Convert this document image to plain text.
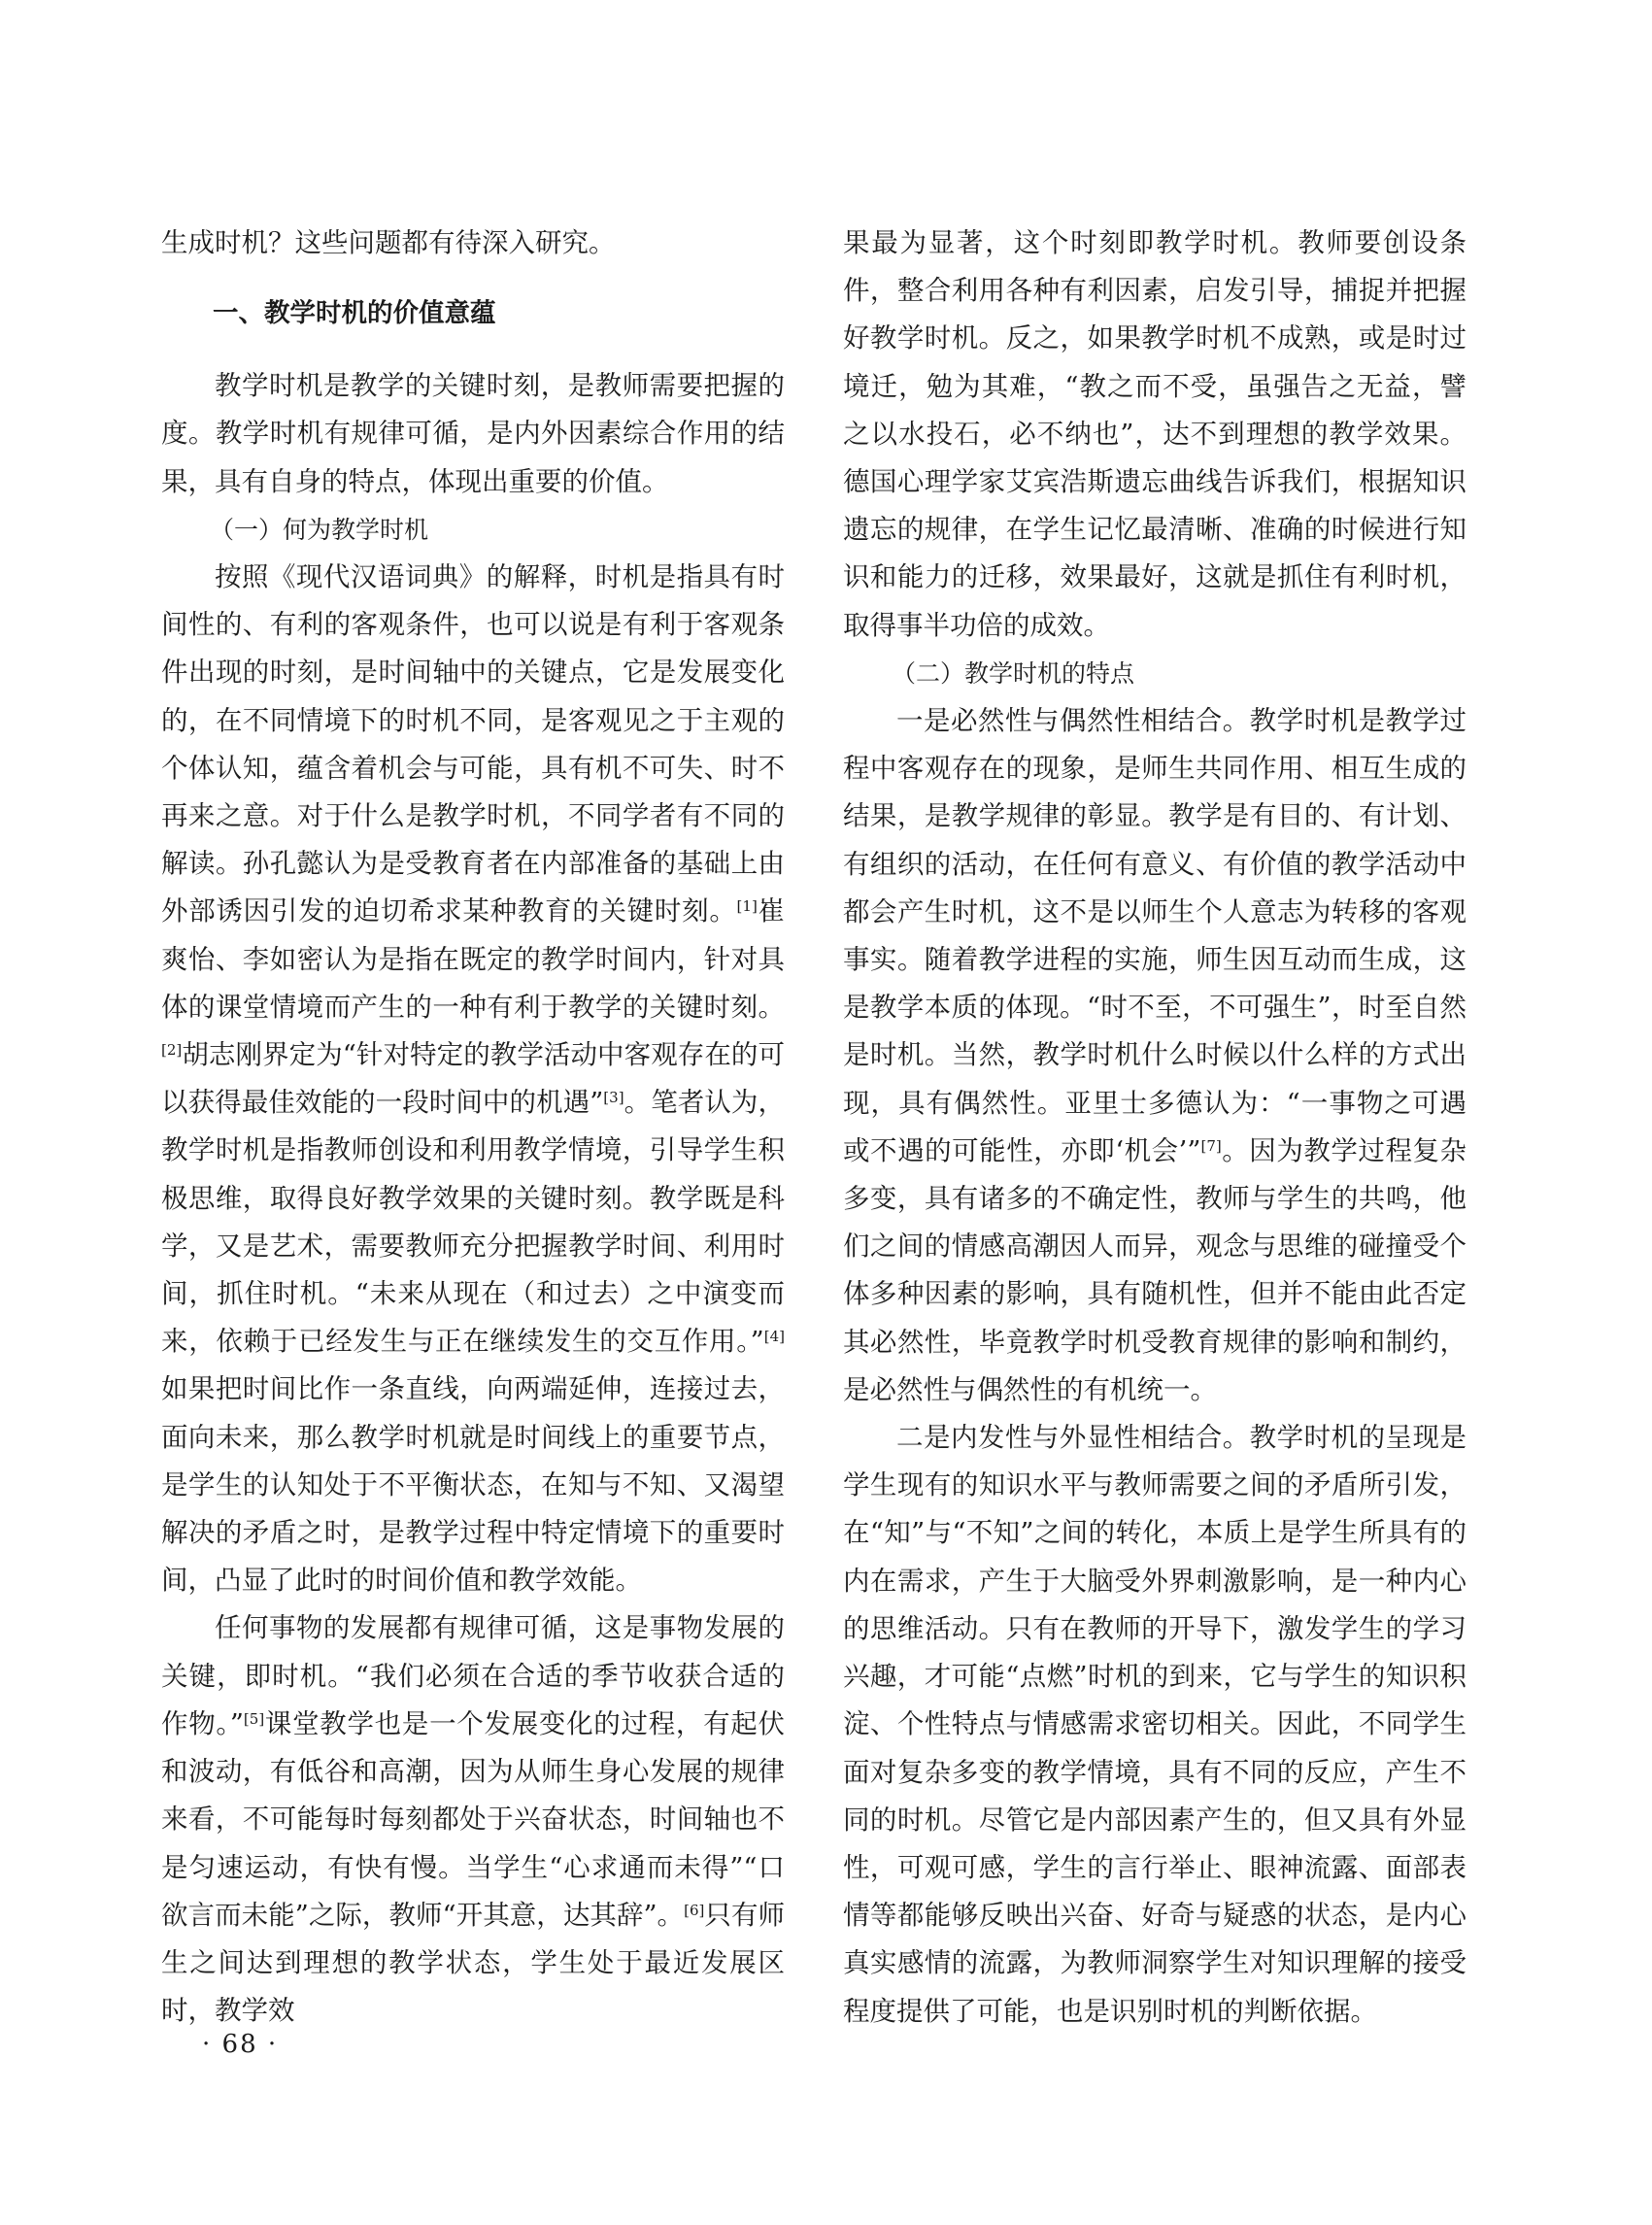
生成时机？这些问题都有待深入研究。

一、教学时机的价值意蕴

教学时机是教学的关键时刻，是教师需要把握的度。教学时机有规律可循，是内外因素综合作用的结果，具有自身的特点，体现出重要的价值。

（一）何为教学时机

按照《现代汉语词典》的解释，时机是指具有时间性的、有利的客观条件，也可以说是有利于客观条件出现的时刻，是时间轴中的关键点，它是发展变化的，在不同情境下的时机不同，是客观见之于主观的个体认知，蕴含着机会与可能，具有机不可失、时不再来之意。对于什么是教学时机，不同学者有不同的解读。孙孔懿认为是受教育者在内部准备的基础上由外部诱因引发的迫切希求某种教育的关键时刻。[1]崔爽怡、李如密认为是指在既定的教学时间内，针对具体的课堂情境而产生的一种有利于教学的关键时刻。[2]胡志刚界定为“针对特定的教学活动中客观存在的可以获得最佳效能的一段时间中的机遇”[3]。笔者认为，教学时机是指教师创设和利用教学情境，引导学生积极思维，取得良好教学效果的关键时刻。教学既是科学，又是艺术，需要教师充分把握教学时间、利用时间，抓住时机。“未来从现在（和过去）之中演变而来，依赖于已经发生与正在继续发生的交互作用。”[4]如果把时间比作一条直线，向两端延伸，连接过去，面向未来，那么教学时机就是时间线上的重要节点，是学生的认知处于不平衡状态，在知与不知、又渴望解决的矛盾之时，是教学过程中特定情境下的重要时间，凸显了此时的时间价值和教学效能。

任何事物的发展都有规律可循，这是事物发展的关键，即时机。“我们必须在合适的季节收获合适的作物。”[5]课堂教学也是一个发展变化的过程，有起伏和波动，有低谷和高潮，因为从师生身心发展的规律来看，不可能每时每刻都处于兴奋状态，时间轴也不是匀速运动，有快有慢。当学生“心求通而未得”“口欲言而未能”之际，教师“开其意，达其辞”。[6]只有师生之间达到理想的教学状态，学生处于最近发展区时，教学效

果最为显著，这个时刻即教学时机。教师要创设条件，整合利用各种有利因素，启发引导，捕捉并把握好教学时机。反之，如果教学时机不成熟，或是时过境迁，勉为其难，“教之而不受，虽强告之无益，譬之以水投石，必不纳也”，达不到理想的教学效果。德国心理学家艾宾浩斯遗忘曲线告诉我们，根据知识遗忘的规律，在学生记忆最清晰、准确的时候进行知识和能力的迁移，效果最好，这就是抓住有利时机，取得事半功倍的成效。

（二）教学时机的特点

一是必然性与偶然性相结合。教学时机是教学过程中客观存在的现象，是师生共同作用、相互生成的结果，是教学规律的彰显。教学是有目的、有计划、有组织的活动，在任何有意义、有价值的教学活动中都会产生时机，这不是以师生个人意志为转移的客观事实。随着教学进程的实施，师生因互动而生成，这是教学本质的体现。“时不至，不可强生”，时至自然是时机。当然，教学时机什么时候以什么样的方式出现，具有偶然性。亚里士多德认为：“一事物之可遇或不遇的可能性，亦即‘机会’”[7]。因为教学过程复杂多变，具有诸多的不确定性，教师与学生的共鸣，他们之间的情感高潮因人而异，观念与思维的碰撞受个体多种因素的影响，具有随机性，但并不能由此否定其必然性，毕竟教学时机受教育规律的影响和制约，是必然性与偶然性的有机统一。

二是内发性与外显性相结合。教学时机的呈现是学生现有的知识水平与教师需要之间的矛盾所引发，在“知”与“不知”之间的转化，本质上是学生所具有的内在需求，产生于大脑受外界刺激影响，是一种内心的思维活动。只有在教师的开导下，激发学生的学习兴趣，才可能“点燃”时机的到来，它与学生的知识积淀、个性特点与情感需求密切相关。因此，不同学生面对复杂多变的教学情境，具有不同的反应，产生不同的时机。尽管它是内部因素产生的，但又具有外显性，可观可感，学生的言行举止、眼神流露、面部表情等都能够反映出兴奋、好奇与疑惑的状态，是内心真实感情的流露，为教师洞察学生对知识理解的接受程度提供了可能，也是识别时机的判断依据。

· 68 ·
